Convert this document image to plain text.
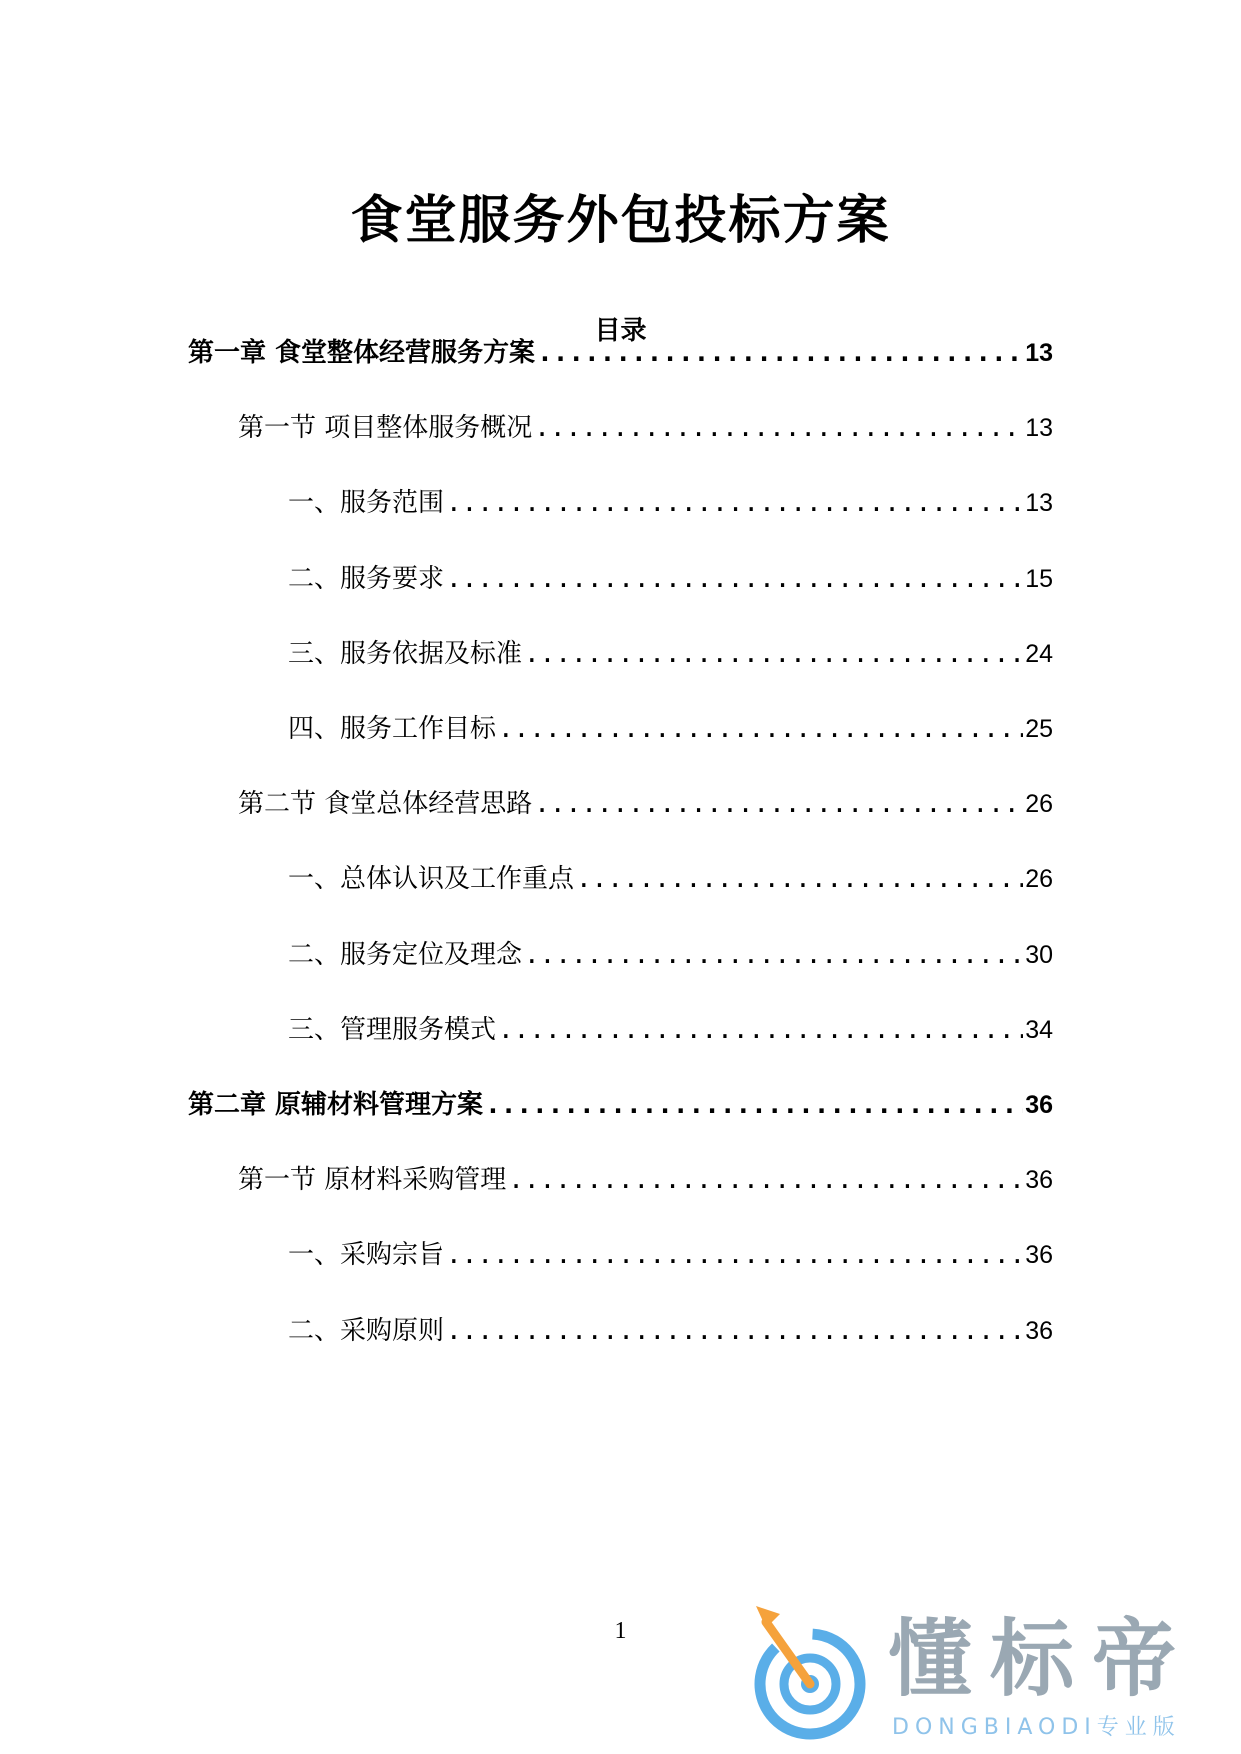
食堂服务外包投标方案
目录
第一章 食堂整体经营服务方案 .....	13
第一节 项目整体服务概况 .....	13
一、服务范围 .....	13
二、服务要求 .....	15
三、服务依据及标准 .....	24
四、服务工作目标 .....	25
第二节 食堂总体经营思路 .....	26
一、总体认识及工作重点 .....	26
二、服务定位及理念 .....	30
三、管理服务模式 .....	34
第二章 原辅材料管理方案 .....	36
第一节 原材料采购管理 .....	36
一、采购宗旨 .....	36
二、采购原则 .....	36
1	懂标帝
DONGBIAODI专业版
